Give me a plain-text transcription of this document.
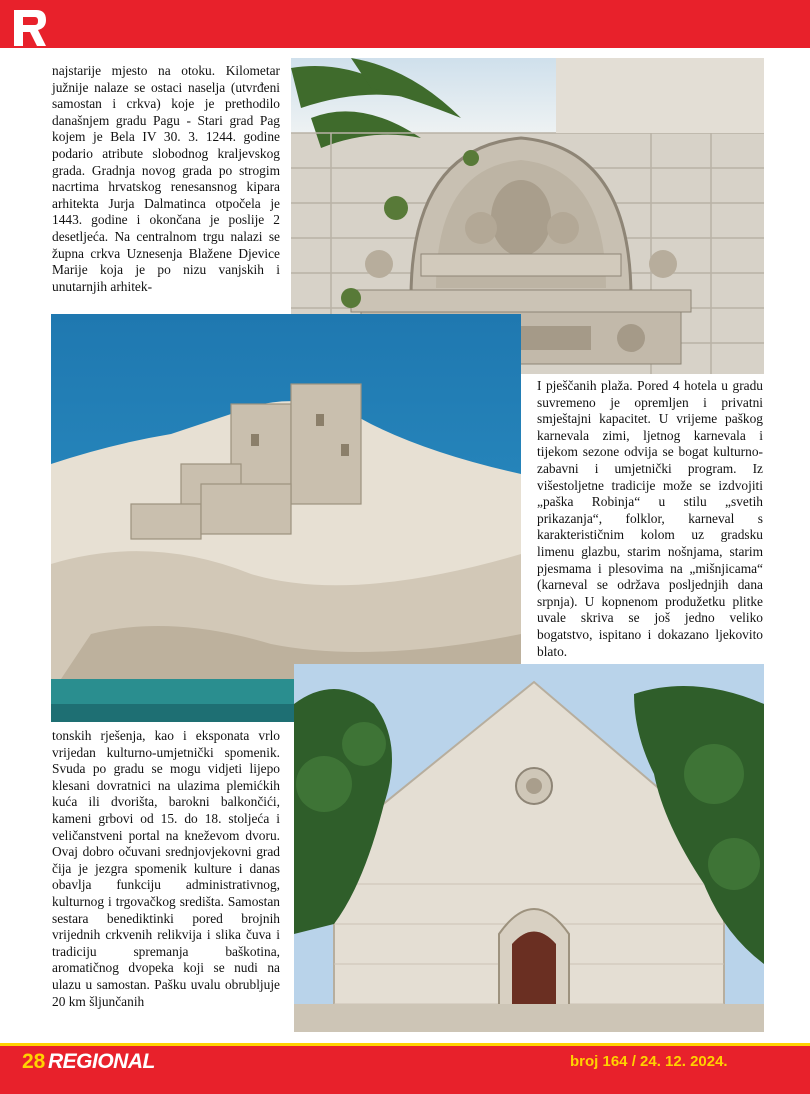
najstarije mjesto na otoku. Kilometar južnije nalaze se ostaci naselja (utvrđeni samostan i crkva) koje je prethodilo današnjem gradu Pagu - Stari grad Pag kojem je Bela IV 30. 3. 1244. godine podario atribute slobodnog kraljevskog grada. Gradnja novog grada po strogim nacrtima hrvatskog renesansnog kipara arhitekta Jurja Dalmatinca otpočela je 1443. godine i okončana je poslije 2 desetljeća. Na centralnom trgu nalazi se župna crkva Uznesenja Blažene Djevice Marije koja je po nizu vanjskih i unutarnjih arhitek-

I pješčanih plaža. Pored 4 hotela u gradu suvremeno je opremljen i privatni smještajni kapacitet. U vrijeme paškog karnevala zimi, ljetnog karnevala i tijekom sezone odvija se bogat kulturno-zabavni i umjetnički program. Iz višestoljetne tradicije može se izdvojiti „paška Robinja“ u stilu „svetih prikazanja“, folklor, karneval s karakterističnim kolom uz gradsku limenu glazbu, starim nošnjama, starim pjesmama i plesovima na „mišnjicama“ (karneval se održava posljednjih dana srpnja). U kopnenom produžetku plitke uvale skriva se još jedno veliko bogatstvo, ispitano i dokazano ljekovito blato.

tonskih rješenja, kao i eksponata vrlo vrijedan kulturno-umjetnički spomenik. Svuda po gradu se mogu vidjeti lijepo klesani dovratnici na ulazima plemićkih kuća ili dvorišta, barokni balkončići, kameni grbovi od 15. do 18. stoljeća i veličanstveni portal na kneževom dvoru. Ovaj dobro očuvani srednjovjekovni grad čija je jezgra spomenik kulture i danas obavlja funkciju administrativnog, kulturnog i trgovačkog središta. Samostan sestara benediktinki pored brojnih vrijednih crkvenih relikvija i slika čuva i tradiciju spremanja baškotina, aromatičnog dvopeka koji se nudi na ulazu u samostan. Pašku uvalu obrubljuje 20 km šljunčanih

28 REGIONAL	broj 164 / 24. 12. 2024.
